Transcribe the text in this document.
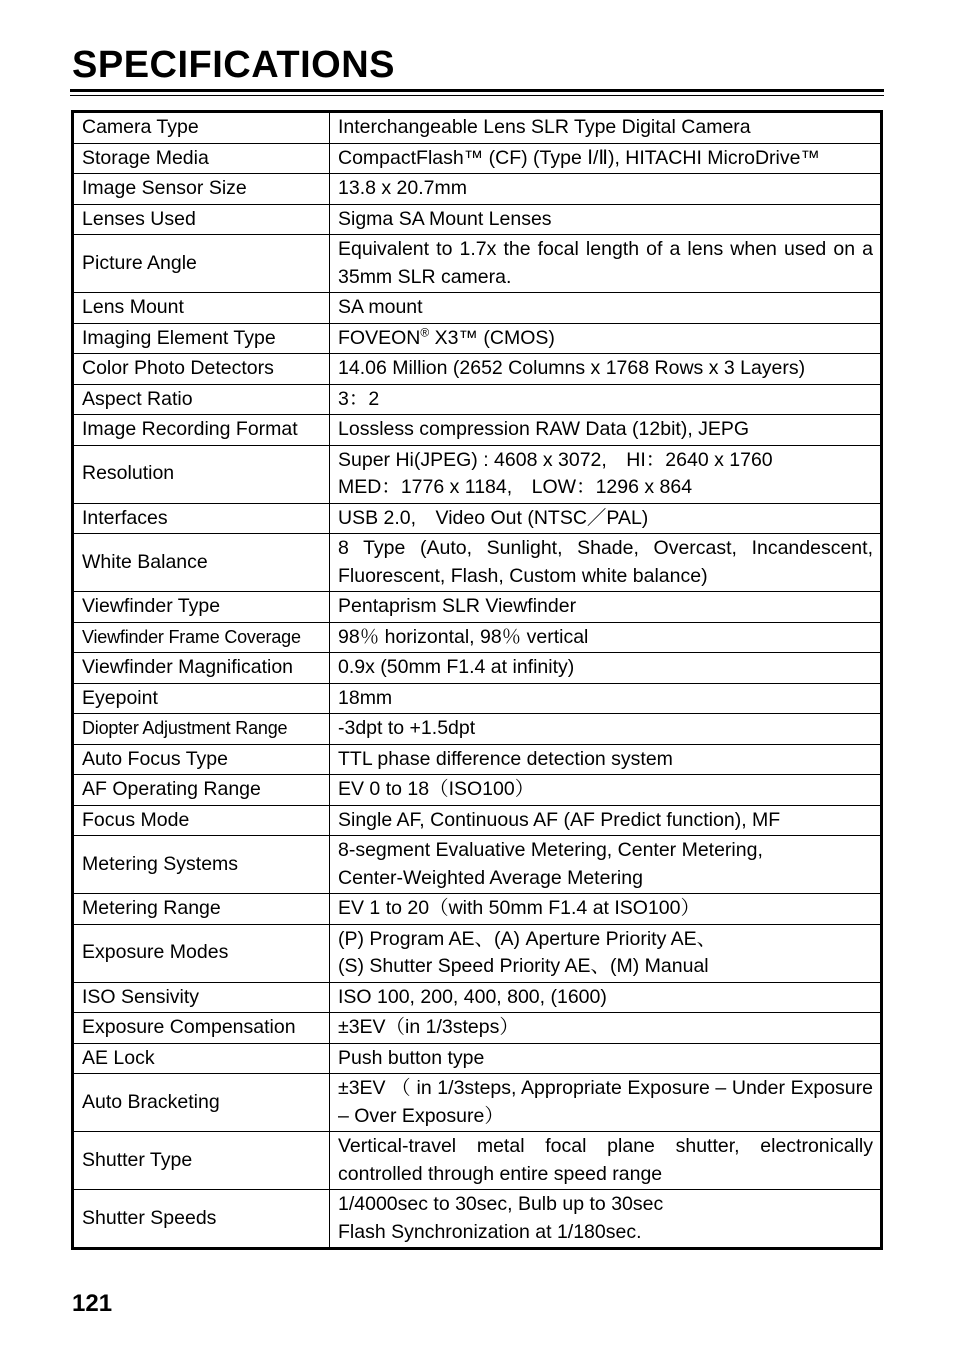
SPECIFICATIONS
Camera Type	Interchangeable Lens SLR Type Digital Camera

Storage Media	CompactFlash™ (CF) (Type Ⅰ/Ⅱ), HITACHI MicroDrive™

Image Sensor Size	13.8 x 20.7mm

Lenses Used	Sigma SA Mount Lenses

Picture Angle	Equivalent to 1.7x the focal length of a lens when used on a 35mm SLR camera.

Lens Mount	SA mount

Imaging Element Type	FOVEON® X3™ (CMOS)

Color Photo Detectors	14.06 Million (2652 Columns x 1768 Rows x 3 Layers)

Aspect Ratio	3：2

Image Recording Format	Lossless compression RAW Data (12bit), JEPG

Resolution	Super Hi(JPEG) : 4608 x 3072,　HI：2640 x 1760
MED：1776 x 1184,　LOW：1296 x 864

Interfaces	USB 2.0,　Video Out (NTSC／PAL)

White Balance	8 Type (Auto, Sunlight, Shade, Overcast, Incandescent, Fluorescent, Flash, Custom white balance)

Viewfinder Type	Pentaprism SLR Viewfinder

Viewfinder Frame Coverage	98％ horizontal, 98％ vertical

Viewfinder Magnification	0.9x (50mm F1.4 at infinity)

Eyepoint	18mm

Diopter Adjustment Range	-3dpt to +1.5dpt

Auto Focus Type	TTL phase difference detection system

AF Operating Range	EV 0 to 18（ISO100）

Focus Mode	Single AF, Continuous AF (AF Predict function), MF

Metering Systems	8-segment Evaluative Metering, Center Metering,
Center-Weighted Average Metering

Metering Range	EV 1 to 20（with 50mm F1.4 at ISO100）

Exposure Modes	(P) Program AE、(A) Aperture Priority AE、
(S) Shutter Speed Priority AE、(M) Manual

ISO Sensivity	ISO 100, 200, 400, 800, (1600)

Exposure Compensation	±3EV（in 1/3steps）

AE Lock	Push button type

Auto Bracketing	±3EV （ in 1/3steps, Appropriate Exposure – Under Exposure – Over Exposure）

Shutter Type	Vertical-travel metal focal plane shutter, electronically controlled through entire speed range

Shutter Speeds	1/4000sec to 30sec, Bulb up to 30sec
Flash Synchronization at 1/180sec.
121
